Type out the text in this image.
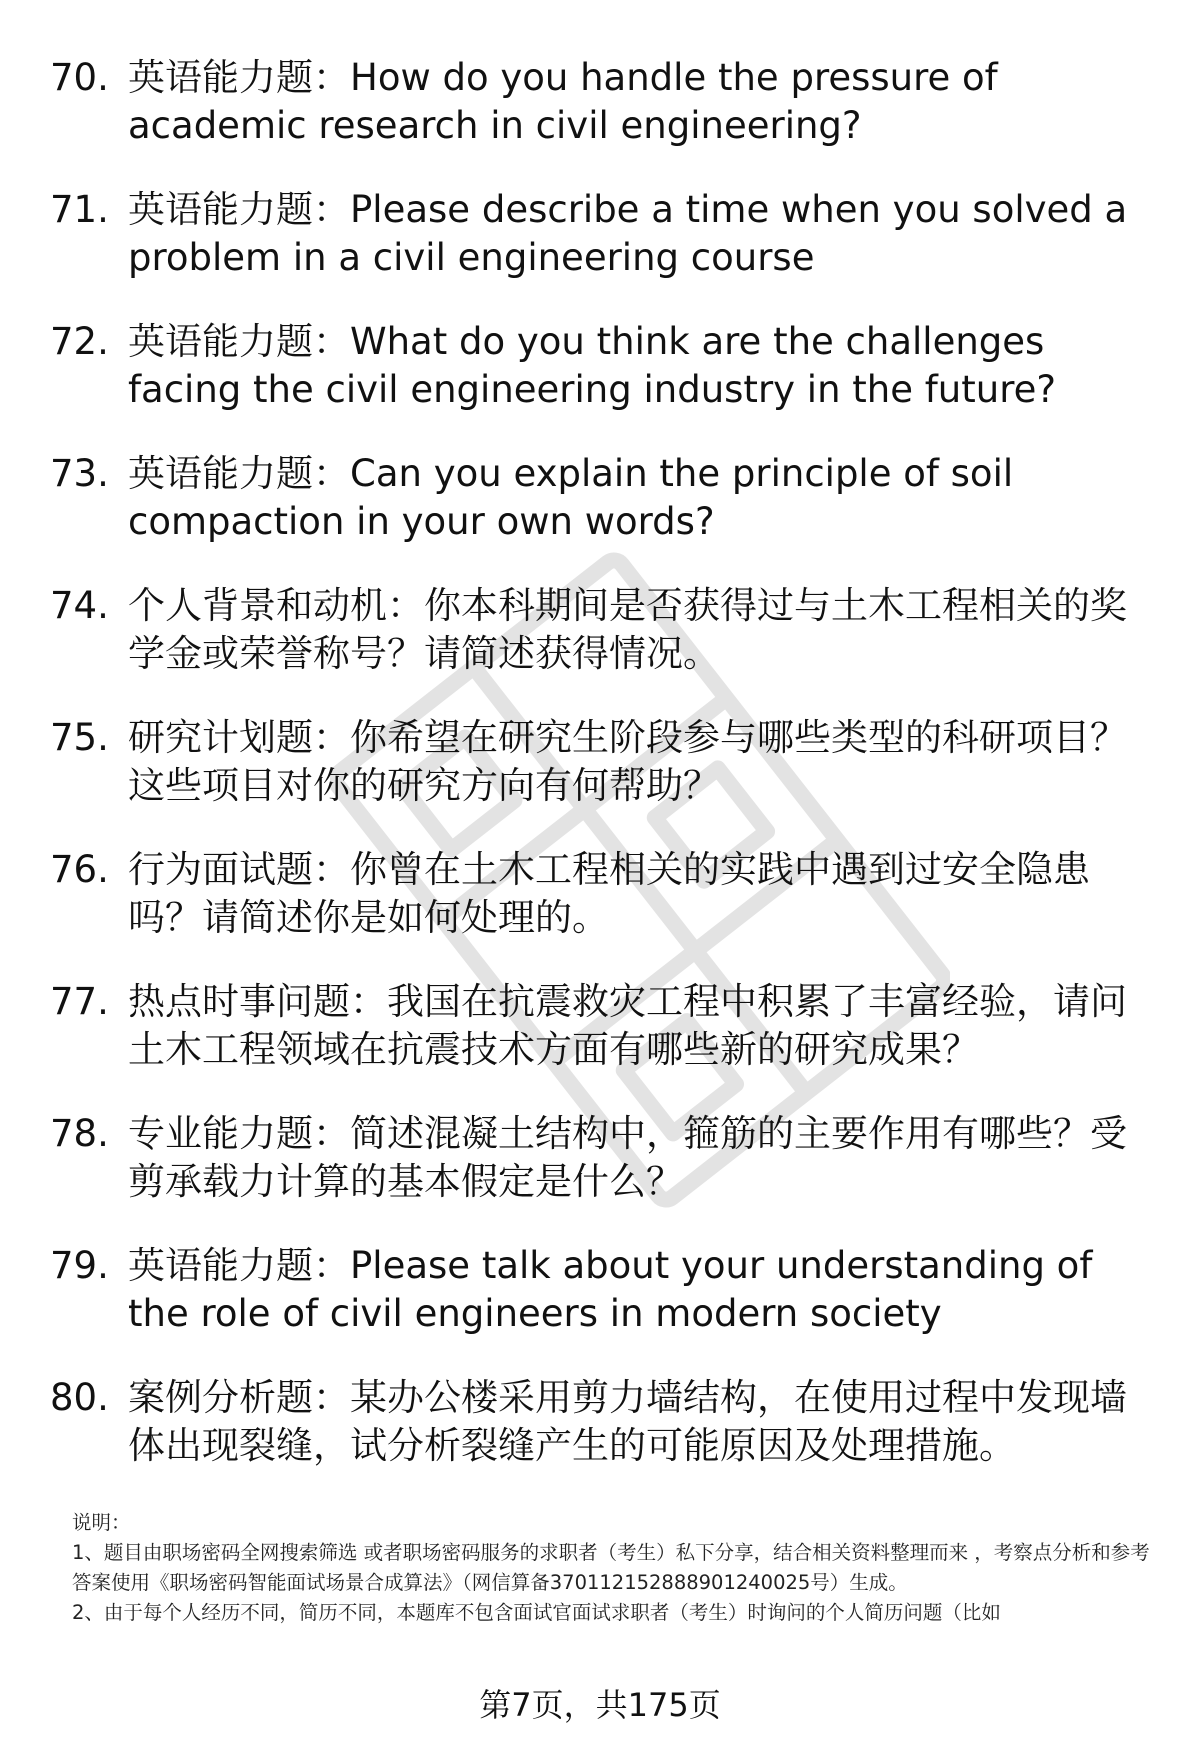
70. 英语能力题：How do you handle the pressure of academic research in civil engineering?
71. 英语能力题：Please describe a time when you solved a problem in a civil engineering course
72. 英语能力题：What do you think are the challenges facing the civil engineering industry in the future?
73. 英语能力题：Can you explain the principle of soil compaction in your own words?
74. 个人背景和动机：你本科期间是否获得过与土木工程相关的奖学金或荣誉称号？请简述获得情况。
75. 研究计划题：你希望在研究生阶段参与哪些类型的科研项目？这些项目对你的研究方向有何帮助？
76. 行为面试题：你曾在土木工程相关的实践中遇到过安全隐患吗？请简述你是如何处理的。
77. 热点时事问题：我国在抗震救灾工程中积累了丰富经验，请问土木工程领域在抗震技术方面有哪些新的研究成果？
78. 专业能力题：简述混凝土结构中，箍筋的主要作用有哪些？受剪承载力计算的基本假定是什么？
79. 英语能力题：Please talk about your understanding of the role of civil engineers in modern society
80. 案例分析题：某办公楼采用剪力墙结构，在使用过程中发现墙体出现裂缝，试分析裂缝产生的可能原因及处理措施。

说明：

1、题目由职场密码全网搜索筛选 或者职场密码服务的求职者（考生）私下分享，结合相关资料整理而来 ，考察点分析和参考答案使用《职场密码智能面试场景合成算法》（网信算备370112152888901240025号）生成。

2、由于每个人经历不同，简历不同，本题库不包含面试官面试求职者（考生）时询问的个人简历问题（比如

第7页，共175页
